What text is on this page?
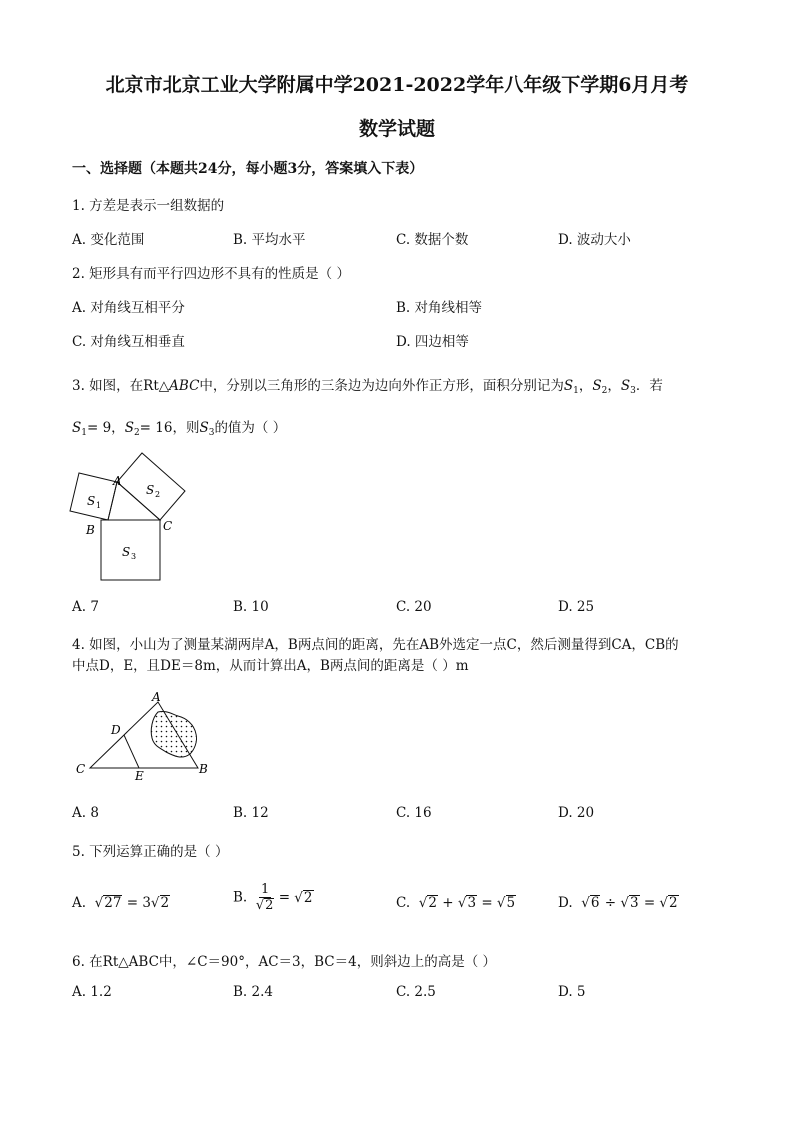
北京市北京工业大学附属中学2021-2022学年八年级下学期6月月考
数学试题
一、选择题（本题共24分，每小题3分，答案填入下表）
1. 方差是表示一组数据的
A. 变化范围	B. 平均水平	C. 数据个数	D. 波动大小
2. 矩形具有而平行四边形不具有的性质是（ ）
A. 对角线互相平分	B. 对角线相等
C. 对角线互相垂直	D. 四边相等
3. 如图，在Rt△ABC中，分别以三角形的三条边为边向外作正方形，面积分别记为$S_1$，$S_2$，$S_3$．若
$S_1= 9$，$S_2= 16$，则$S_3$的值为（ ）
A
B	C
S 1
S 2
S 3
A. 7	B. 10	C. 20	D. 25
4. 如图，小山为了测量某湖两岸A，B两点间的距离，先在AB外选定一点C，然后测量得到CA，CB的
中点D，E，且DE＝8m，从而计算出A，B两点间的距离是（ ）m
A
D
C	E	B
A. 8	B. 12	C. 16	D. 20
5. 下列运算正确的是（ ）
A.  √27 = 3√2	B. $\frac{1}{√2} = √2$	C.  √2 + √3 = √5	D.  √6 ÷ √3 = √2
6. 在Rt△ABC中，∠C＝90°，AC＝3，BC＝4，则斜边上的高是（ ）
A. 1.2	B. 2.4	C. 2.5	D. 5
